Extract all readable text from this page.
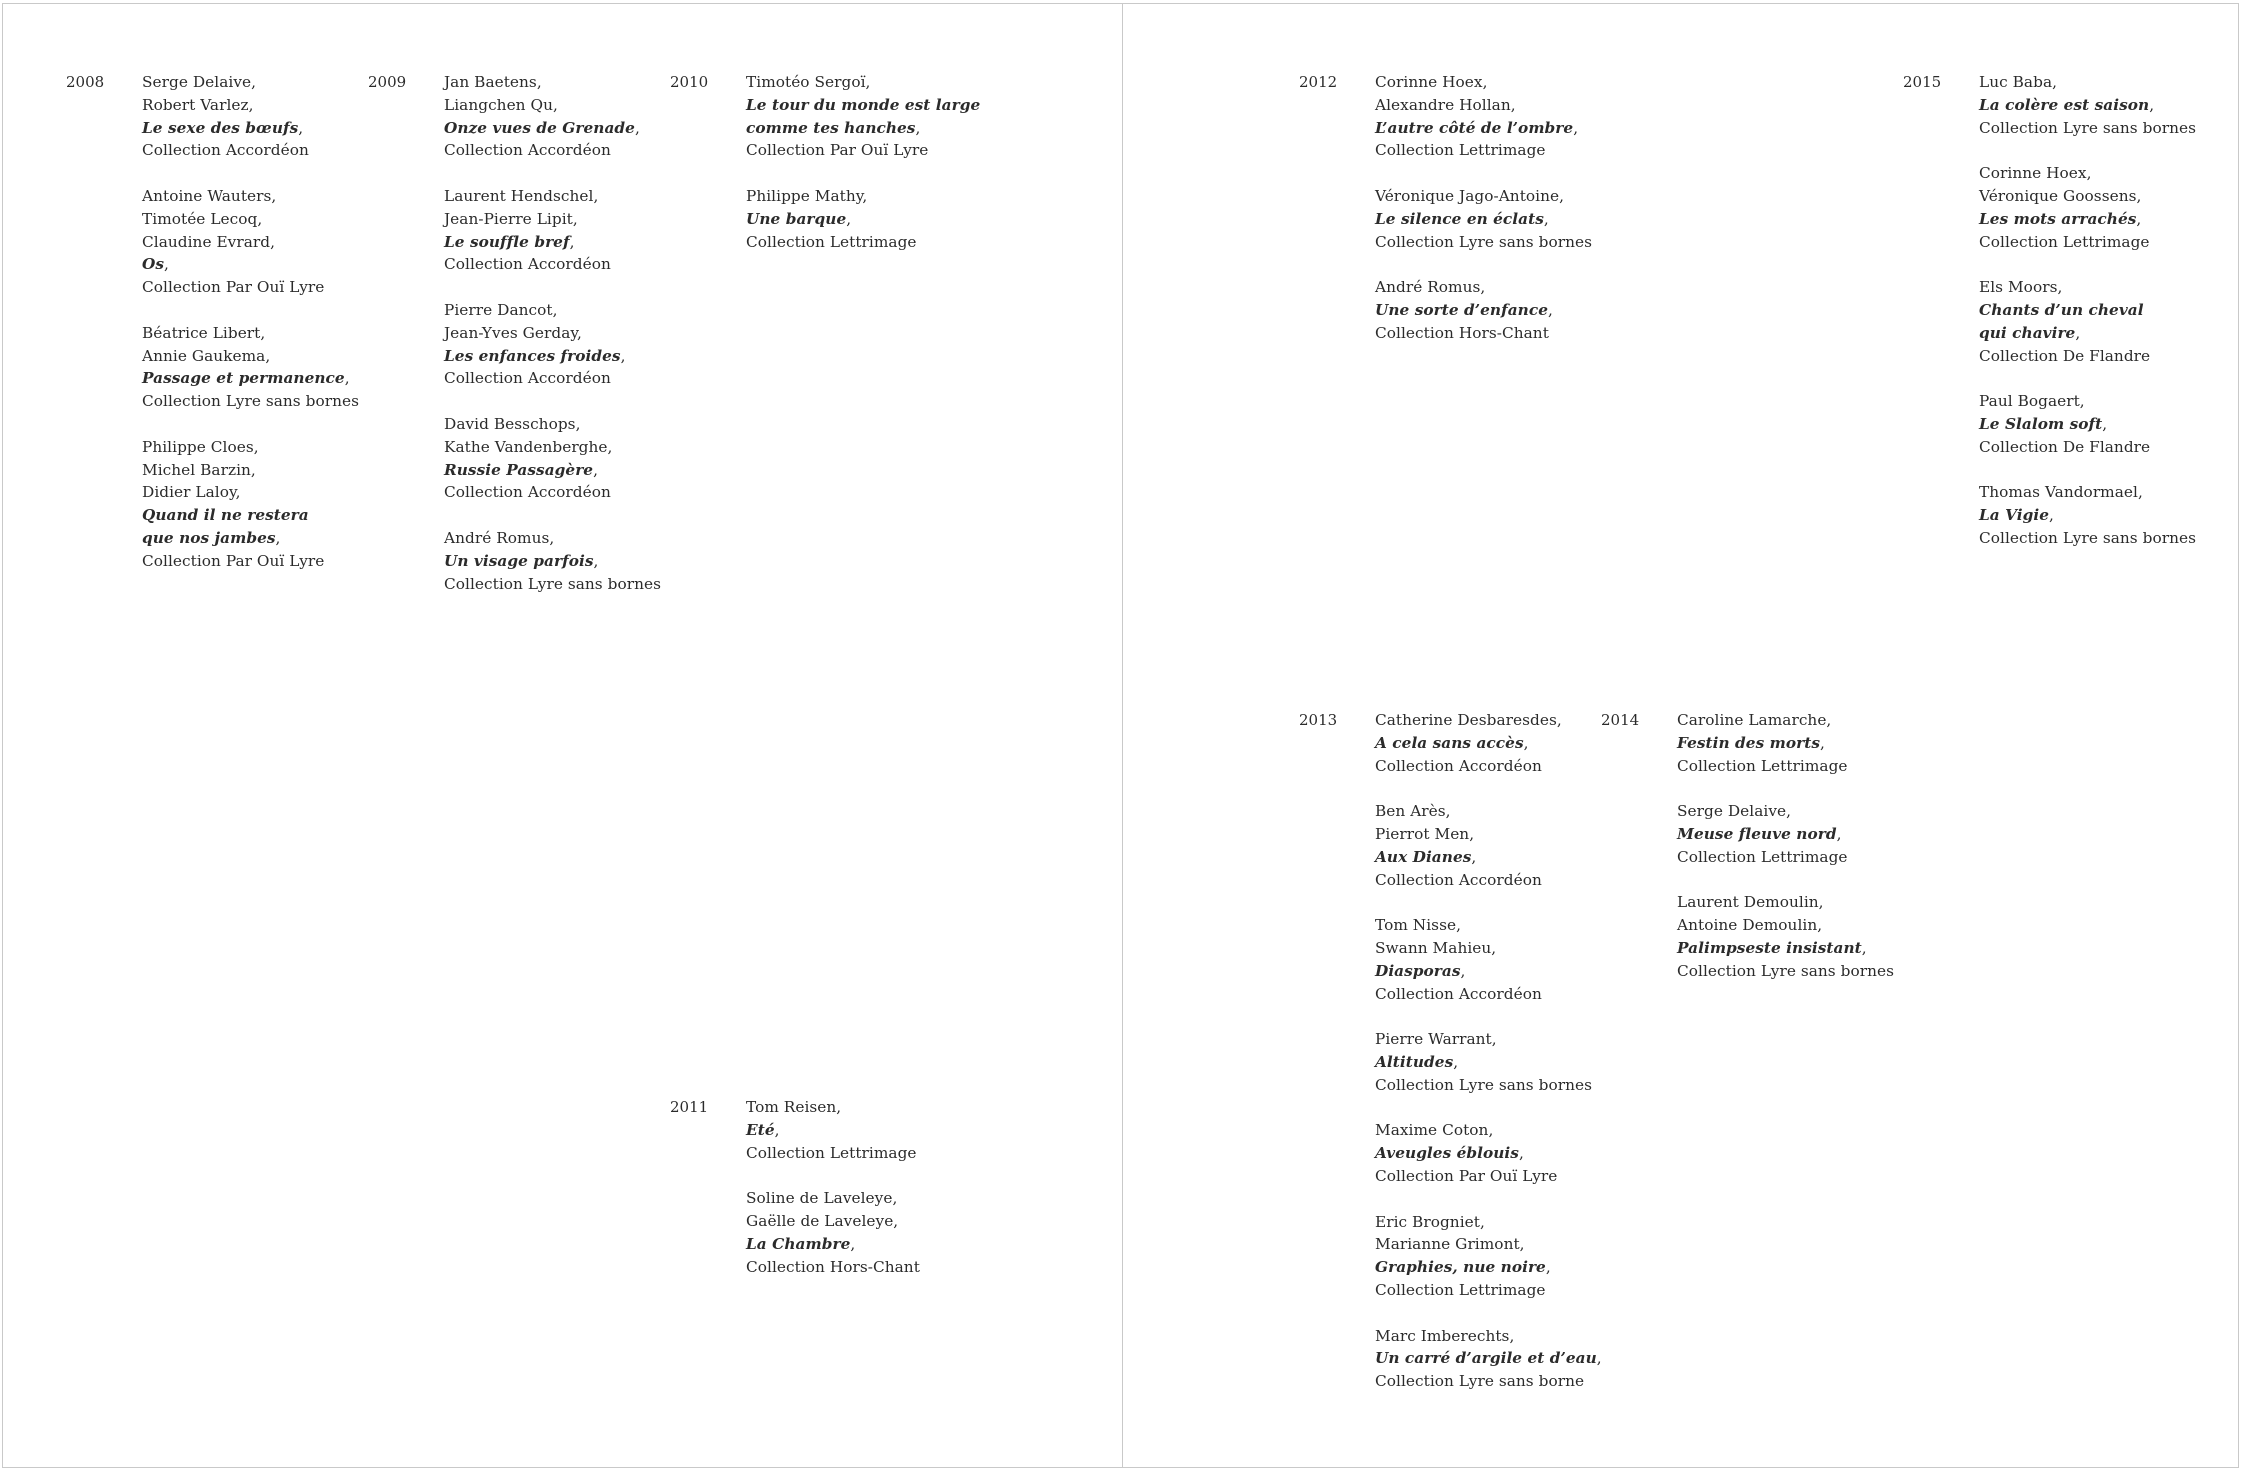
2008 Serge Delaive,
Robert Varlez,
Le sexe des bœufs,
Collection Accordéon
Antoine Wauters,
Timotée Lecoq,
Claudine Evrard,
Os,
Collection Par Ouï Lyre
Béatrice Libert,
Annie Gaukema,
Passage et permanence,
Collection Lyre sans bornes
Philippe Cloes,
Michel Barzin,
Didier Laloy,
Quand il ne restera
que nos jambes,
Collection Par Ouï Lyre
2009 Jan Baetens,
Liangchen Qu,
Onze vues de Grenade,
Collection Accordéon
Laurent Hendschel,
Jean-Pierre Lipit,
Le souffle bref,
Collection Accordéon
Pierre Dancot,
Jean-Yves Gerday,
Les enfances froides,
Collection Accordéon
David Besschops,
Kathe Vandenberghe,
Russie Passagère,
Collection Accordéon
André Romus,
Un visage parfois,
Collection Lyre sans bornes
2010 Timotéo Sergoï,
Le tour du monde est large
comme tes hanches,
Collection Par Ouï Lyre
Philippe Mathy,
Une barque,
Collection Lettrimage
2011 Tom Reisen,
Eté,
Collection Lettrimage
Soline de Laveleye,
Gaëlle de Laveleye,
La Chambre,
Collection Hors-Chant
2012 Corinne Hoex,
Alexandre Hollan,
L’autre côté de l’ombre,
Collection Lettrimage
Véronique Jago-Antoine,
Le silence en éclats,
Collection Lyre sans bornes
André Romus,
Une sorte d’enfance,
Collection Hors-Chant
2015 Luc Baba,
La colère est saison,
Collection Lyre sans bornes
Corinne Hoex,
Véronique Goossens,
Les mots arrachés,
Collection Lettrimage
Els Moors,
Chants d’un cheval
qui chavire,
Collection De Flandre
Paul Bogaert,
Le Slalom soft,
Collection De Flandre
Thomas Vandormael,
La Vigie,
Collection Lyre sans bornes
2013 Catherine Desbaresdes,
A cela sans accès,
Collection Accordéon
Ben Arès,
Pierrot Men,
Aux Dianes,
Collection Accordéon
Tom Nisse,
Swann Mahieu,
Diasporas,
Collection Accordéon
Pierre Warrant,
Altitudes,
Collection Lyre sans bornes
Maxime Coton,
Aveugles éblouis,
Collection Par Ouï Lyre
Eric Brogniet,
Marianne Grimont,
Graphies, nue noire,
Collection Lettrimage
Marc Imberechts,
Un carré d’argile et d’eau,
Collection Lyre sans borne
2014 Caroline Lamarche,
Festin des morts,
Collection Lettrimage
Serge Delaive,
Meuse fleuve nord,
Collection Lettrimage
Laurent Demoulin,
Antoine Demoulin,
Palimpseste insistant,
Collection Lyre sans bornes
